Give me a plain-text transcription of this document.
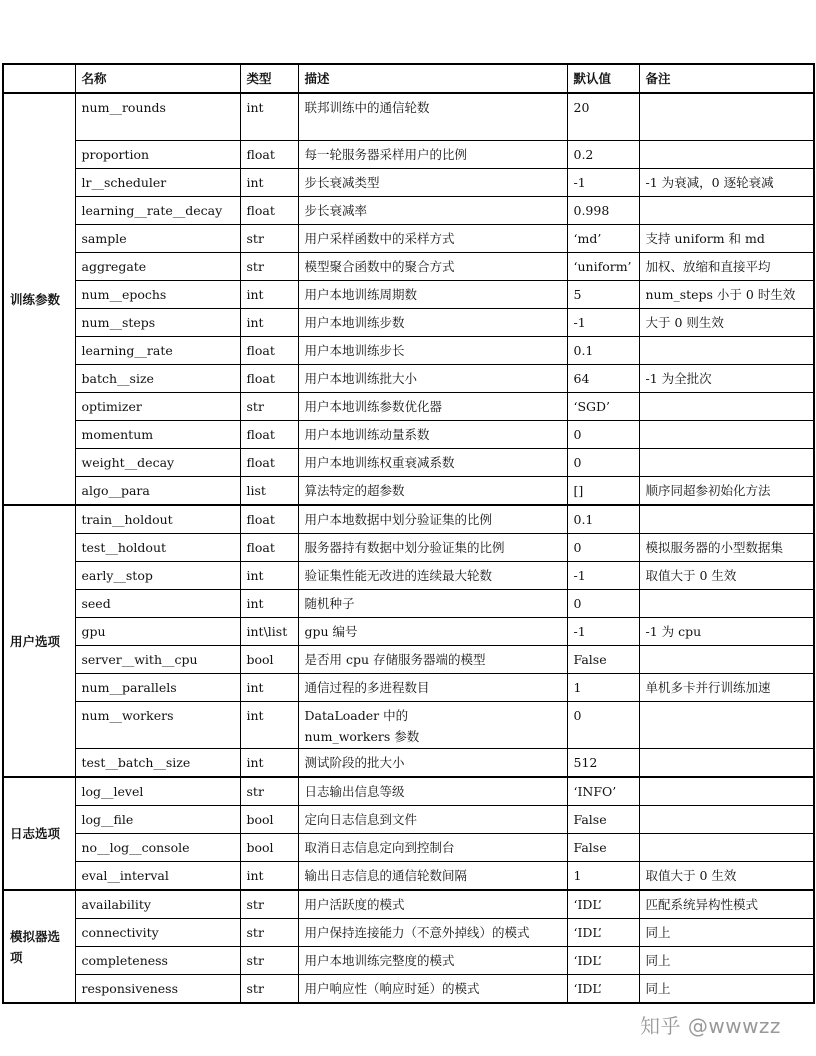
	名称	类型	描述	默认值	备注
训练参数	num__rounds	int	联邦训练中的通信轮数	20	
	proportion	float	每一轮服务器采样用户的比例	0.2	
	lr__scheduler	int	步长衰减类型	-1	-1 为衰减，0 逐轮衰减
	learning__rate__decay	float	步长衰减率	0.998	
	sample	str	用户采样函数中的采样方式	‘md’	支持 uniform 和 md
	aggregate	str	模型聚合函数中的聚合方式	‘uniform’	加权、放缩和直接平均
	num__epochs	int	用户本地训练周期数	5	num_steps 小于 0 时生效
	num__steps	int	用户本地训练步数	-1	大于 0 则生效
	learning__rate	float	用户本地训练步长	0.1	
	batch__size	float	用户本地训练批大小	64	-1 为全批次
	optimizer	str	用户本地训练参数优化器	‘SGD’	
	momentum	float	用户本地训练动量系数	0	
	weight__decay	float	用户本地训练权重衰减系数	0	
	algo__para	list	算法特定的超参数	[]	顺序同超参初始化方法
用户选项	train__holdout	float	用户本地数据中划分验证集的比例	0.1	
	test__holdout	float	服务器持有数据中划分验证集的比例	0	模拟服务器的小型数据集
	early__stop	int	验证集性能无改进的连续最大轮数	-1	取值大于 0 生效
	seed	int	随机种子	0	
	gpu	int\list	gpu 编号	-1	-1 为 cpu
	server__with__cpu	bool	是否用 cpu 存储服务器端的模型	False	
	num__parallels	int	通信过程的多进程数目	1	单机多卡并行训练加速
	num__workers	int	DataLoader 中的 num_workers 参数	0	
	test__batch__size	int	测试阶段的批大小	512	
日志选项	log__level	str	日志输出信息等级	‘INFO’	
	log__file	bool	定向日志信息到文件	False	
	no__log__console	bool	取消日志信息定向到控制台	False	
	eval__interval	int	输出日志信息的通信轮数间隔	1	取值大于 0 生效
模拟器选项	availability	str	用户活跃度的模式	‘IDL’	匹配系统异构性模式
	connectivity	str	用户保持连接能力（不意外掉线）的模式	‘IDL’	同上
	completeness	str	用户本地训练完整度的模式	‘IDL’	同上
	responsiveness	str	用户响应性（响应时延）的模式	‘IDL’	同上
知乎 @wwwzz
